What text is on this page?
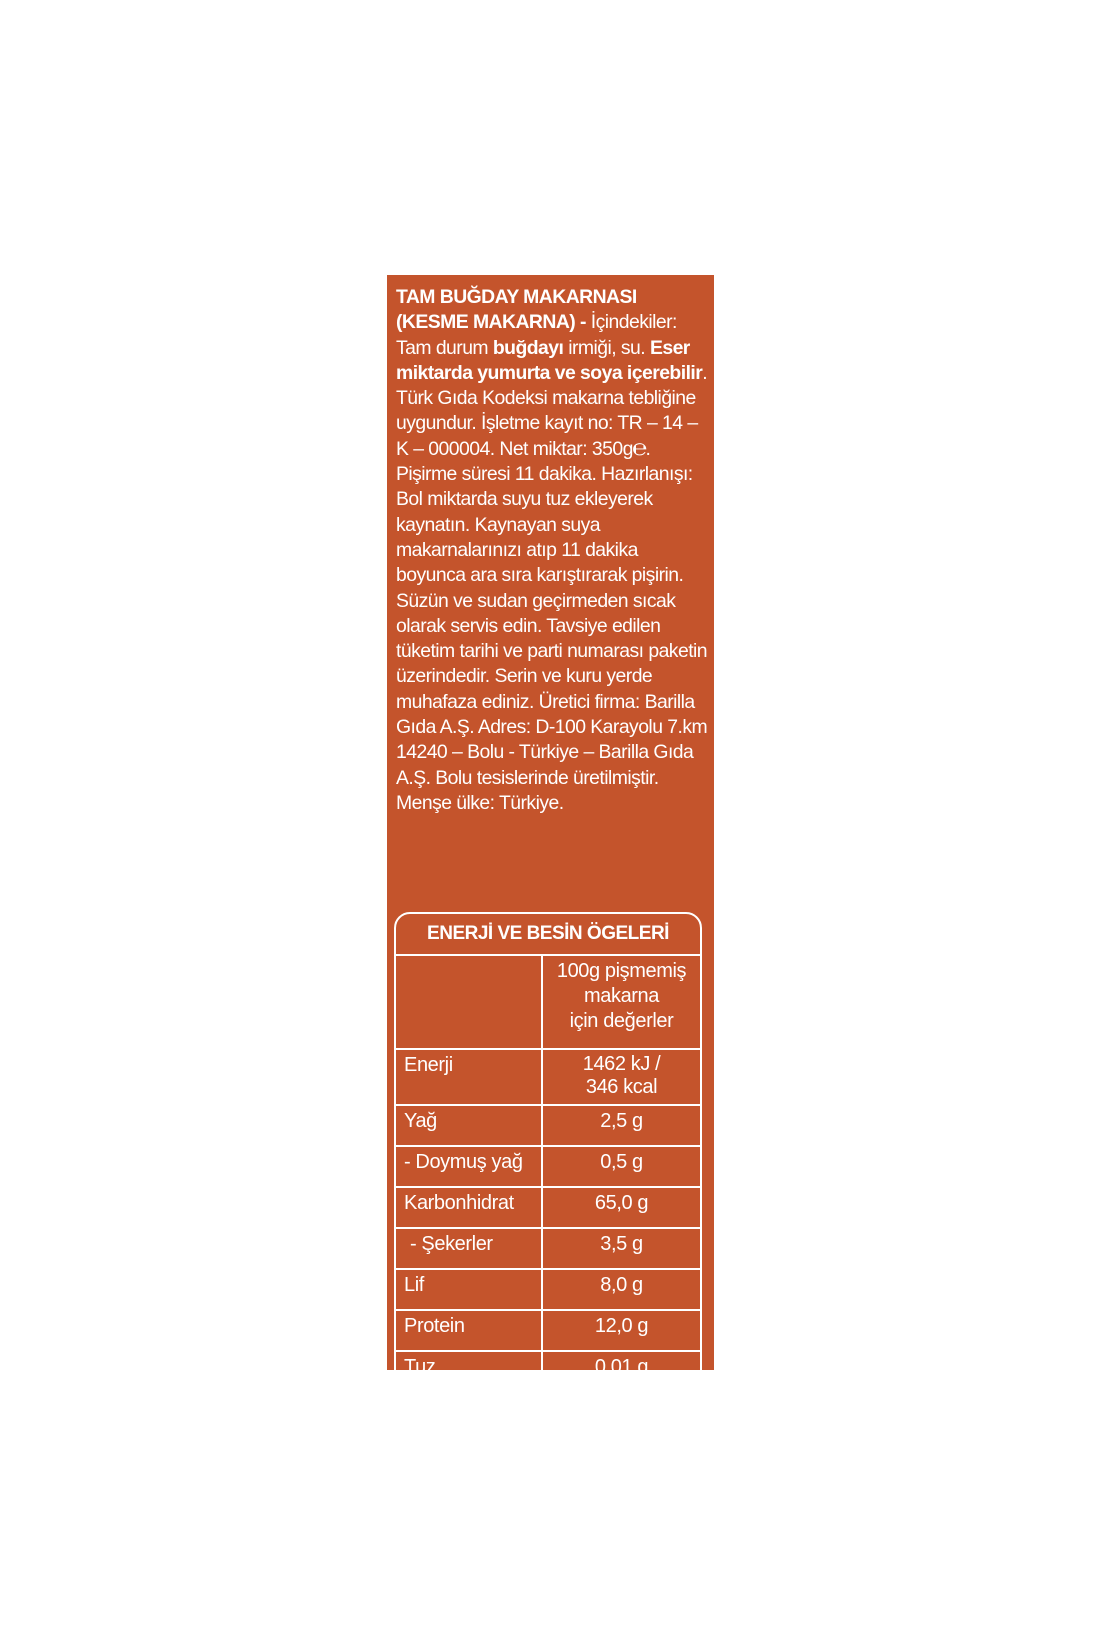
TAM BUĞDAY MAKARNASI (KESME MAKARNA) - İçindekiler: Tam durum buğdayı irmiği, su. Eser miktarda yumurta ve soya içerebilir. Türk Gıda Kodeksi makarna tebliğine uygundur. İşletme kayıt no: TR – 14 – K – 000004. Net miktar: 350g℮. Pişirme süresi 11 dakika. Hazırlanışı: Bol miktarda suyu tuz ekleyerek kaynatın. Kaynayan suya makarnalarınızı atıp 11 dakika boyunca ara sıra karıştırarak pişirin. Süzün ve sudan geçirmeden sıcak olarak servis edin. Tavsiye edilen tüketim tarihi ve parti numarası paketin üzerindedir. Serin ve kuru yerde muhafaza ediniz. Üretici firma: Barilla Gıda A.Ş. Adres: D-100 Karayolu 7.km 14240 – Bolu - Türkiye – Barilla Gıda A.Ş. Bolu tesislerinde üretilmiştir. Menşe ülke: Türkiye.

ENERJİ VE BESİN ÖGELERİ

	100g pişmemiş
makarna
için değerler

Enerji	1462 kJ /
346 kcal

Yağ	2,5 g
- Doymuş yağ	0,5 g
Karbonhidrat	65,0 g
- Şekerler	3,5 g
Lif	8,0 g
Protein	12,0 g
Tuz	0,01 g
